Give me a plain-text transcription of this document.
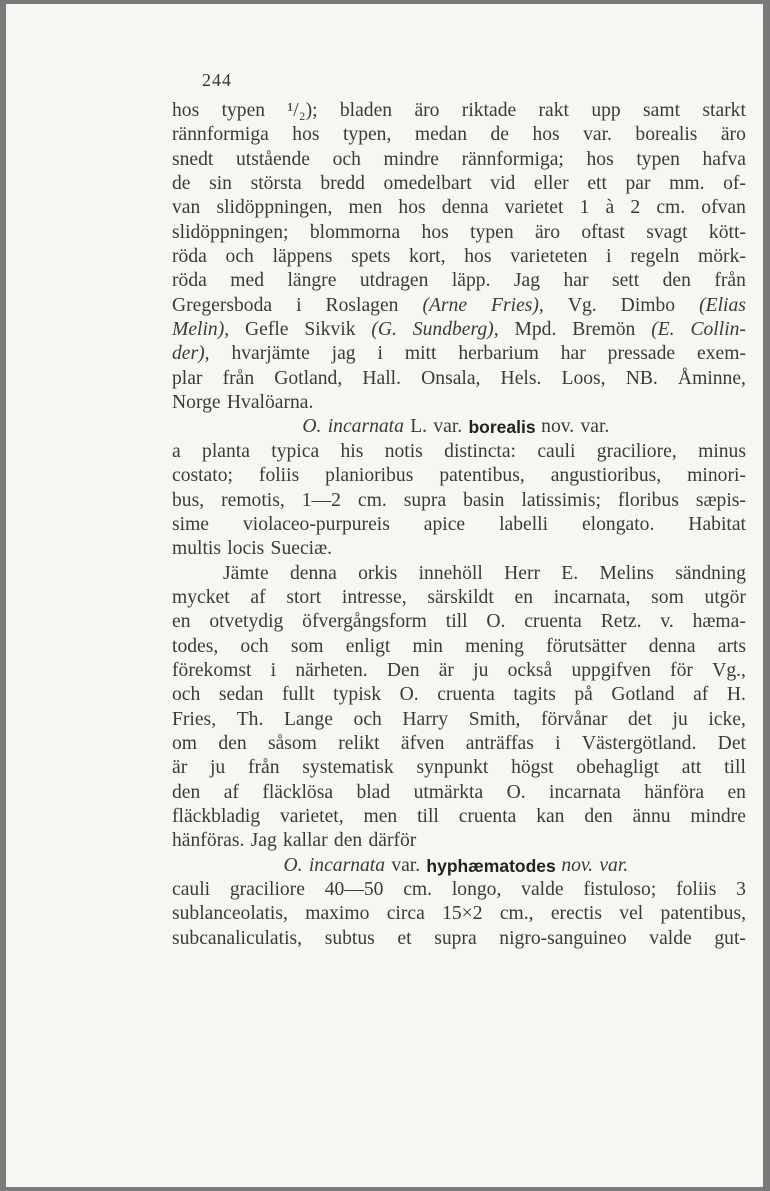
244
hos typen ¹/₂); bladen äro riktade rakt upp samt starkt
rännformiga hos typen, medan de hos var. borealis äro
snedt utstående och mindre rännformiga; hos typen hafva
de sin största bredd omedelbart vid eller ett par mm. of-
van slidöppningen, men hos denna varietet 1 à 2 cm. ofvan
slidöppningen; blommorna hos typen äro oftast svagt kött-
röda och läppens spets kort, hos varieteten i regeln mörk-
röda med längre utdragen läpp. Jag har sett den från
Gregersboda i Roslagen (Arne Fries), Vg. Dimbo (Elias
Melin), Gefle Sikvik (G. Sundberg), Mpd. Bremön (E. Collin-
der), hvarjämte jag i mitt herbarium har pressade exem-
plar från Gotland, Hall. Onsala, Hels. Loos, NB. Åminne,
Norge Hvalöarna.
O. incarnata L. var. borealis nov. var.
a planta typica his notis distincta: cauli graciliore, minus
costato; foliis planioribus patentibus, angustioribus, minori-
bus, remotis, 1—2 cm. supra basin latissimis; floribus sæpis-
sime violaceo-purpureis apice labelli elongato. Habitat
multis locis Sueciæ.
Jämte denna orkis innehöll Herr E. Melins sändning
mycket af stort intresse, särskildt en incarnata, som utgör
en otvetydig öfvergångsform till O. cruenta Retz. v. hæma-
todes, och som enligt min mening förutsätter denna arts
förekomst i närheten. Den är ju också uppgifven för Vg.,
och sedan fullt typisk O. cruenta tagits på Gotland af H.
Fries, Th. Lange och Harry Smith, förvånar det ju icke,
om den såsom relikt äfven anträffas i Västergötland. Det
är ju från systematisk synpunkt högst obehagligt att till
den af fläcklösa blad utmärkta O. incarnata hänföra en
fläckbladig varietet, men till cruenta kan den ännu mindre
hänföras. Jag kallar den därför
O. incarnata var. hyphæmatodes nov. var.
cauli graciliore 40—50 cm. longo, valde fistuloso; foliis 3
sublanceolatis, maximo circa 15×2 cm., erectis vel patentibus,
subcanaliculatis, subtus et supra nigro-sanguineo valde gut-
